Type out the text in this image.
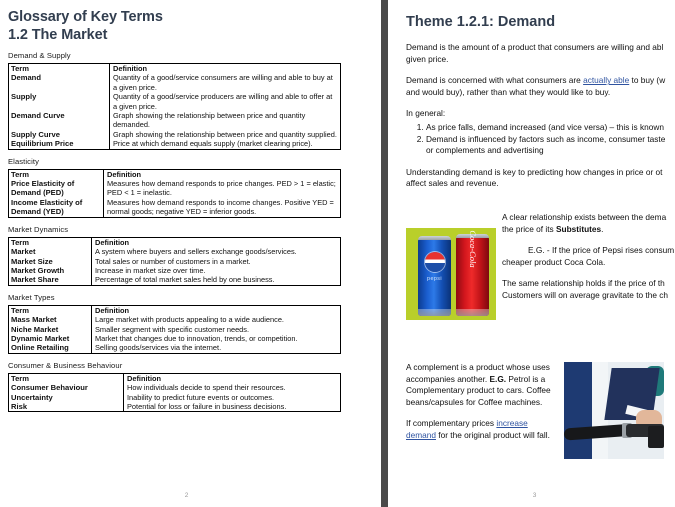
Glossary of Key Terms
1.2 The Market
Demand & Supply
Term	Definition
Demand	Quantity of a good/service consumers are willing and able to buy at a given price.
Supply	Quantity of a good/service producers are willing and able to offer at a given price.
Demand Curve	Graph showing the relationship between price and quantity demanded.
Supply Curve	Graph showing the relationship between price and quantity supplied.
Equilibrium Price	Price at which demand equals supply (market clearing price).
Elasticity
Term	Definition
Price Elasticity of Demand (PED)	Measures how demand responds to price changes. PED > 1 = elastic; PED < 1 = inelastic.
Income Elasticity of Demand (YED)	Measures how demand responds to income changes. Positive YED = normal goods; negative YED = inferior goods.
Market Dynamics
Term	Definition
Market	A system where buyers and sellers exchange goods/services.
Market Size	Total sales or number of customers in a market.
Market Growth	Increase in market size over time.
Market Share	Percentage of total market sales held by one business.
Market Types
Term	Definition
Mass Market	Large market with products appealing to a wide audience.
Niche Market	Smaller segment with specific customer needs.
Dynamic Market	Market that changes due to innovation, trends, or competition.
Online Retailing	Selling goods/services via the internet.
Consumer & Business Behaviour
Term	Definition
Consumer Behaviour	How individuals decide to spend their resources.
Uncertainty	Inability to predict future events or outcomes.
Risk	Potential for loss or failure in business decisions.
2
Theme 1.2.1: Demand

Demand is the amount of a product that consumers are willing and abl
given price.

Demand is concerned with what consumers are actually able to buy (w
and would buy), rather than what they would like to buy.

In general:

1. As price falls, demand increased (and vice versa) – this is known
2. Demand is influenced by factors such as income, consumer taste
or complements and advertising

Understanding demand is key to predicting how changes in price or ot
affect sales and revenue.

pepsi
Coca-Cola

A clear relationship exists between the dema
the price of its Substitutes.

E.G. - If the price of Pepsi rises consum
cheaper product Coca Cola.

The same relationship holds if the price of th
Customers will on average gravitate to the ch

A complement is a product whose uses
accompanies another. E.G. Petrol is a
Complementary product to cars. Coffee
beans/capsules for Coffee machines.

If complementary prices increase
demand for the original product will fall.

3
